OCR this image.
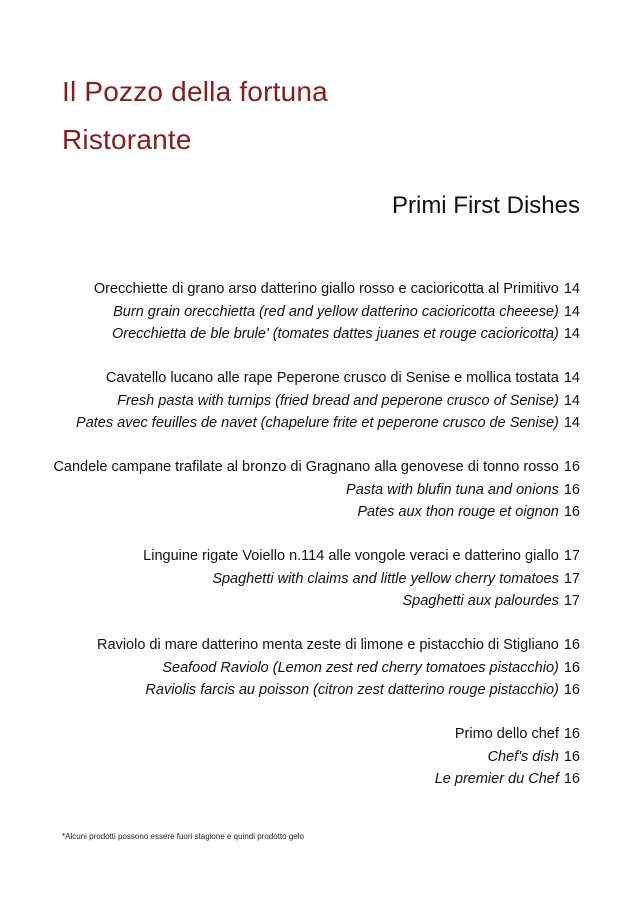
Il Pozzo della fortuna
Ristorante
Primi First Dishes
Orecchiette di grano arso datterino giallo rosso e cacioricotta al Primitivo 14
Burn grain orecchietta (red and yellow datterino cacioricotta cheeese) 14
Orecchietta de ble brule' (tomates dattes juanes et rouge cacioricotta) 14
Cavatello lucano alle rape Peperone crusco di Senise e mollica tostata 14
Fresh pasta with turnips (fried bread and peperone crusco of Senise) 14
Pates avec feuilles de navet (chapelure frite et peperone crusco de Senise) 14
Candele campane trafilate al bronzo di Gragnano alla genovese di tonno rosso 16
Pasta with blufin tuna and onions 16
Pates aux thon rouge et oignon 16
Linguine rigate Voiello n.114 alle vongole veraci e datterino giallo 17
Spaghetti with claims and little yellow cherry tomatoes 17
Spaghetti aux palourdes 17
Raviolo di mare datterino menta zeste di limone e pistacchio di Stigliano 16
Seafood Raviolo (Lemon zest red cherry tomatoes pistacchio) 16
Raviolis farcis au poisson (citron zest datterino rouge pistacchio) 16
Primo dello chef 16
Chef's dish 16
Le premier du Chef 16
*Alcuni prodotti possono essere fuori stagione e quindi prodotto gelo
